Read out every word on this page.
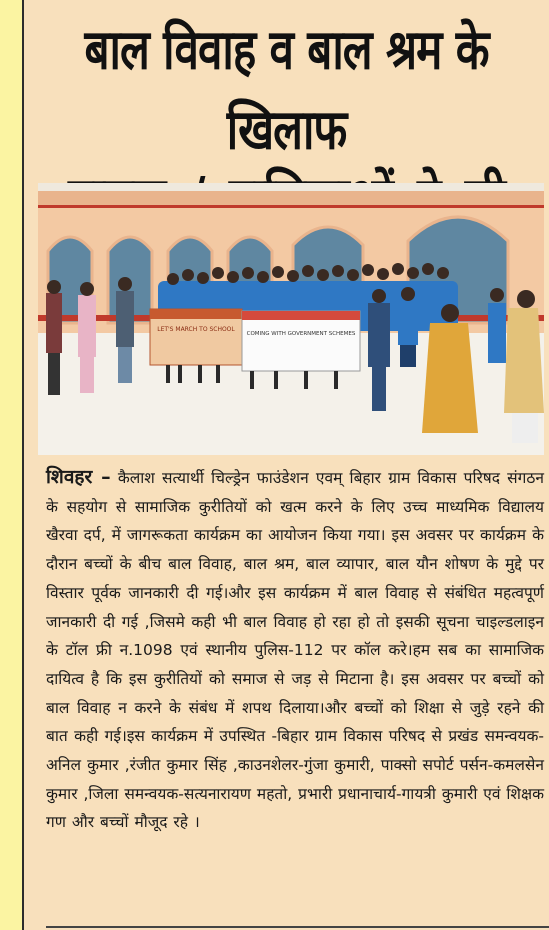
बाल विवाह व बाल श्रम के खिलाफ
LET'S MARCH TO SCHOOL
COMING WITH GOVERNMENT SCHEMES
शिवहर – कैलाश सत्यार्थी चिल्ड्रेन फाउंडेशन एवम् बिहार ग्राम विकास परिषद संगठन के सहयोग से सामाजिक कुरीतियों को खत्म करने के लिए उच्च माध्यमिक विद्यालय खैरवा दर्प, में जागरूकता कार्यक्रम का आयोजन किया गया। इस अवसर पर कार्यक्रम के दौरान बच्चों के बीच बाल विवाह, बाल श्रम, बाल व्यापार, बाल यौन शोषण के मुद्दे पर विस्तार पूर्वक जानकारी दी गई।और इस कार्यक्रम में बाल विवाह से संबंधित महत्वपूर्ण जानकारी दी गई ,जिसमे कही भी बाल विवाह हो रहा हो तो इसकी सूचना चाइल्डलाइन के टॉल फ्री न.1098 एवं स्थानीय पुलिस-112 पर कॉल करे।हम सब का सामाजिक दायित्व है कि इस कुरीतियों को समाज से जड़ से मिटाना है। इस अवसर पर बच्चों को बाल विवाह न करने के संबंध में शपथ दिलाया।और बच्चों को शिक्षा से जुड़े रहने की बात कही गई।इस कार्यक्रम में उपस्थित -बिहार ग्राम विकास परिषद से प्रखंड समन्वयक-अनिल कुमार ,रंजीत कुमार सिंह ,काउनशेलर-गुंजा कुमारी, पाक्सो सपोर्ट पर्सन-कमलसेन कुमार ,जिला समन्वयक-सत्यनारायण महतो, प्रभारी प्रधानाचार्य-गायत्री कुमारी एवं शिक्षक गण और बच्चों मौजूद रहे ।
